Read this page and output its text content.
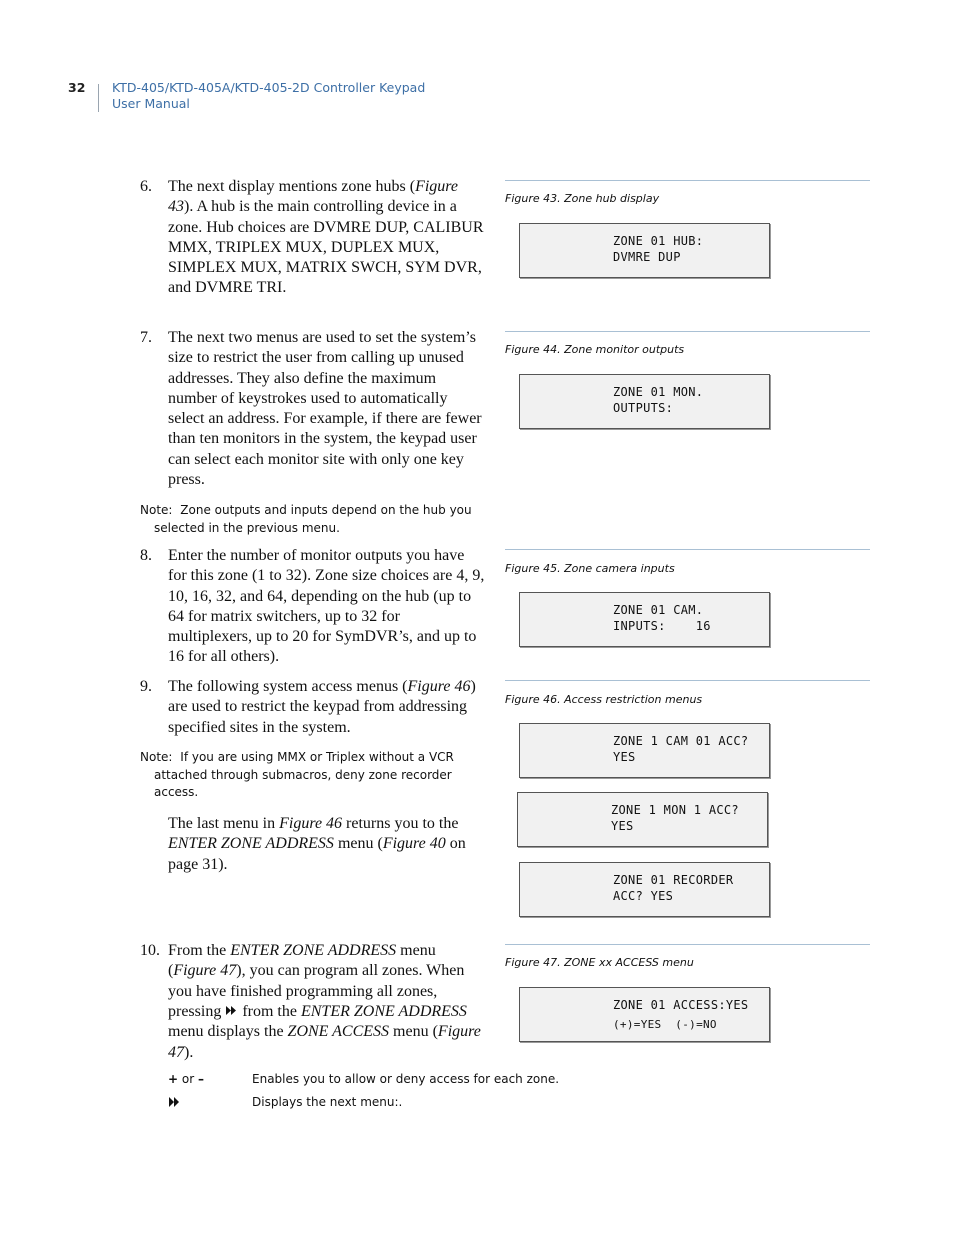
32 KTD-405/KTD-405A/KTD-405-2D Controller Keypad
User Manual
6. The next display mentions zone hubs (Figure 43). A hub is the main controlling device in a zone. Hub choices are DVMRE DUP, CALIBUR MMX, TRIPLEX MUX, DUPLEX MUX, SIMPLEX MUX, MATRIX SWCH, SYM DVR, and DVMRE TRI.
7. The next two menus are used to set the system’s size to restrict the user from calling up unused addresses. They also define the maximum number of keystrokes used to automatically select an address. For example, if there are fewer than ten monitors in the system, the keypad user can select each monitor site with only one key press.
Note: Zone outputs and inputs depend on the hub you
selected in the previous menu.
8. Enter the number of monitor outputs you have for this zone (1 to 32). Zone size choices are 4, 9, 10, 16, 32, and 64, depending on the hub (up to 64 for matrix switchers, up to 32 for multiplexers, up to 20 for SymDVR’s, and up to 16 for all others).
9. The following system access menus (Figure 46) are used to restrict the keypad from addressing specified sites in the system.
Note: If you are using MMX or Triplex without a VCR
attached through submacros, deny zone recorder
access.
The last menu in Figure 46 returns you to the ENTER ZONE ADDRESS menu (Figure 40 on page 31).
10. From the ENTER ZONE ADDRESS menu (Figure 47), you can program all zones. When you have finished programming all zones, pressing  from the ENTER ZONE ADDRESS menu displays the ZONE ACCESS menu (Figure 47).
Figure 43. Zone hub display
ZONE 01 HUB:
DVMRE DUP
Figure 44. Zone monitor outputs
ZONE 01 MON.
OUTPUTS:
Figure 45. Zone camera inputs
ZONE 01 CAM.
INPUTS:    16
Figure 46. Access restriction menus
ZONE 1 CAM 01 ACC?
YES
ZONE 1 MON 1 ACC?
YES
ZONE 01 RECORDER
ACC? YES
Figure 47. ZONE xx ACCESS menu
ZONE 01 ACCESS:YES
(+)=YES  (-)=NO
+ or –	Enables you to allow or deny access for each zone.
Displays the next menu:.
